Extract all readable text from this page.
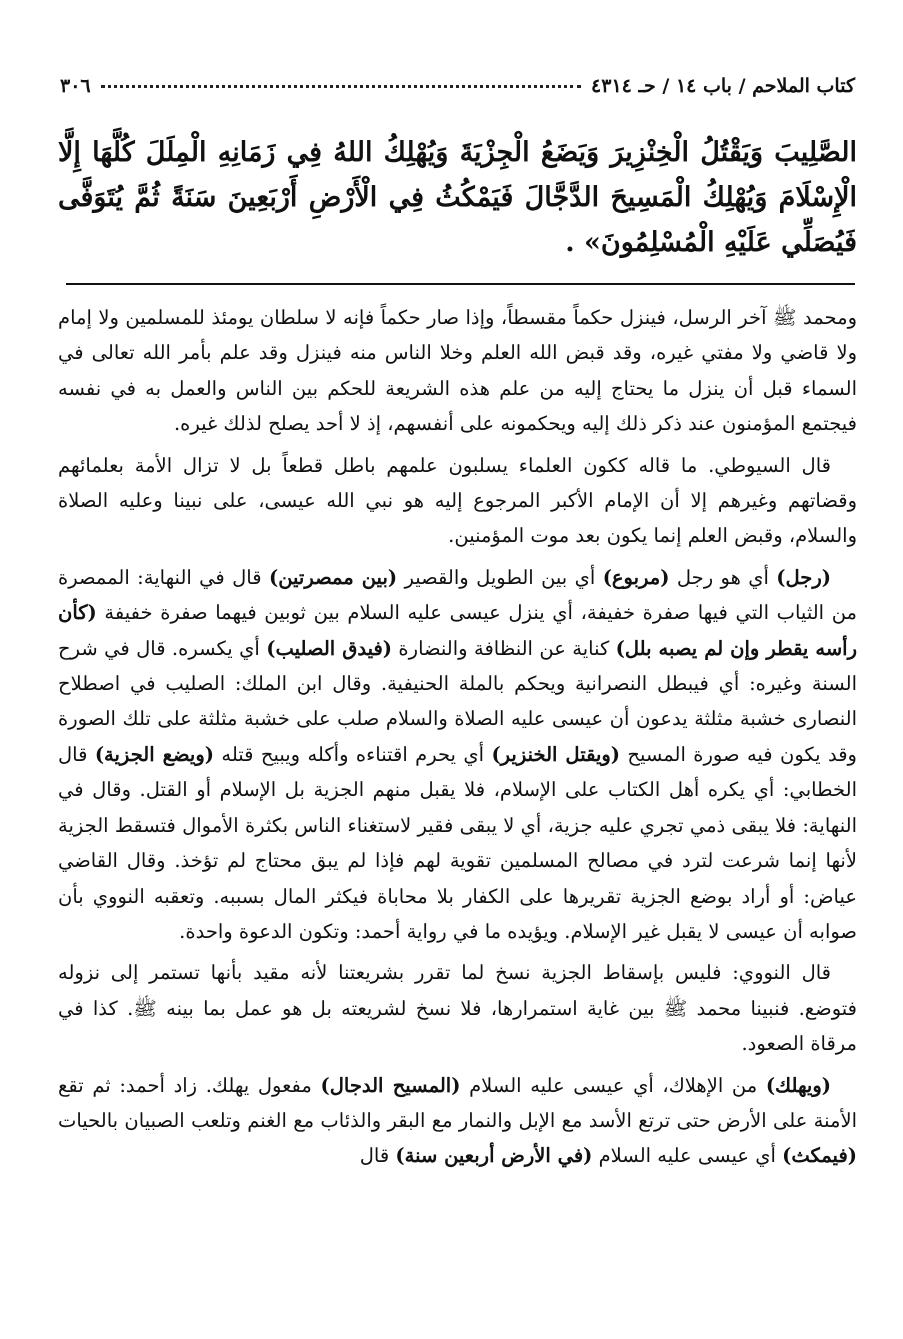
كتاب الملاحم / باب ١٤ / حـ ٤٣١٤
٣٠٦
الصَّلِيبَ وَيَقْتُلُ الْخِنْزِيرَ وَيَضَعُ الْجِزْيَةَ وَيُهْلِكُ اللهُ فِي زَمَانِهِ الْمِلَلَ كُلَّهَا إِلَّا الْإِسْلَامَ وَيُهْلِكُ الْمَسِيحَ الدَّجَّالَ فَيَمْكُثُ فِي الْأَرْضِ أَرْبَعِينَ سَنَةً ثُمَّ يُتَوَفَّى فَيُصَلِّي عَلَيْهِ الْمُسْلِمُونَ» .

ومحمد ﷺ آخر الرسل، فينزل حكماً مقسطاً، وإذا صار حكماً فإنه لا سلطان يومئذ للمسلمين ولا إمام ولا قاضي ولا مفتي غيره، وقد قبض الله العلم وخلا الناس منه فينزل وقد علم بأمر الله تعالى في السماء قبل أن ينزل ما يحتاج إليه من علم هذه الشريعة للحكم بين الناس والعمل به في نفسه فيجتمع المؤمنون عند ذكر ذلك إليه ويحكمونه على أنفسهم، إذ لا أحد يصلح لذلك غيره.

قال السيوطي. ما قاله ككون العلماء يسلبون علمهم باطل قطعاً بل لا تزال الأمة بعلمائهم وقضاتهم وغيرهم إلا أن الإمام الأكبر المرجوع إليه هو نبي الله عيسى، على نبينا وعليه الصلاة والسلام، وقبض العلم إنما يكون بعد موت المؤمنين.

(رجل) أي هو رجل (مربوع) أي بين الطويل والقصير (بين ممصرتين) قال في النهاية: الممصرة من الثياب التي فيها صفرة خفيفة، أي ينزل عيسى عليه السلام بين ثوبين فيهما صفرة خفيفة (كأن رأسه يقطر وإن لم يصبه بلل) كناية عن النظافة والنضارة (فيدق الصليب) أي يكسره. قال في شرح السنة وغيره: أي فيبطل النصرانية ويحكم بالملة الحنيفية. وقال ابن الملك: الصليب في اصطلاح النصارى خشبة مثلثة يدعون أن عيسى عليه الصلاة والسلام صلب على خشبة مثلثة على تلك الصورة وقد يكون فيه صورة المسيح (ويقتل الخنزير) أي يحرم اقتناءه وأكله ويبيح قتله (ويضع الجزية) قال الخطابي: أي يكره أهل الكتاب على الإسلام، فلا يقبل منهم الجزية بل الإسلام أو القتل. وقال في النهاية: فلا يبقى ذمي تجري عليه جزية، أي لا يبقى فقير لاستغناء الناس بكثرة الأموال فتسقط الجزية لأنها إنما شرعت لترد في مصالح المسلمين تقوية لهم فإذا لم يبق محتاج لم تؤخذ. وقال القاضي عياض: أو أراد بوضع الجزية تقريرها على الكفار بلا محاباة فيكثر المال بسببه. وتعقبه النووي بأن صوابه أن عيسى لا يقبل غير الإسلام. ويؤيده ما في رواية أحمد: وتكون الدعوة واحدة.

قال النووي: فليس بإسقاط الجزية نسخ لما تقرر بشريعتنا لأنه مقيد بأنها تستمر إلى نزوله فتوضع. فنبينا محمد ﷺ بين غاية استمرارها، فلا نسخ لشريعته بل هو عمل بما بينه ﷺ. كذا في مرقاة الصعود.

(ويهلك) من الإهلاك، أي عيسى عليه السلام (المسيح الدجال) مفعول يهلك. زاد أحمد: ثم تقع الأمنة على الأرض حتى ترتع الأسد مع الإبل والنمار مع البقر والذئاب مع الغنم وتلعب الصبيان بالحيات (فيمكث) أي عيسى عليه السلام (في الأرض أربعين سنة) قال
